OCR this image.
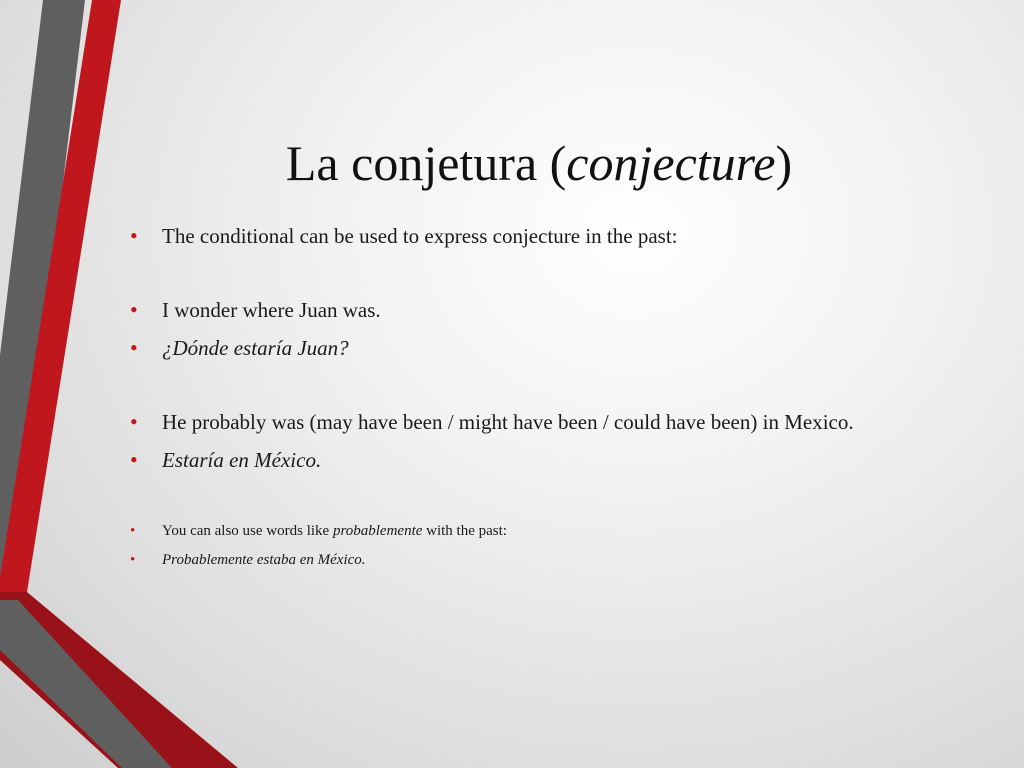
La conjetura (conjecture)
• The conditional can be used to express conjecture in the past:
• I wonder where Juan was.
• ¿Dónde estaría Juan?
• He probably was (may have been / might have been / could have been) in Mexico.
• Estaría en México.
• You can also use words like probablemente with the past:
• Probablemente estaba en México.
